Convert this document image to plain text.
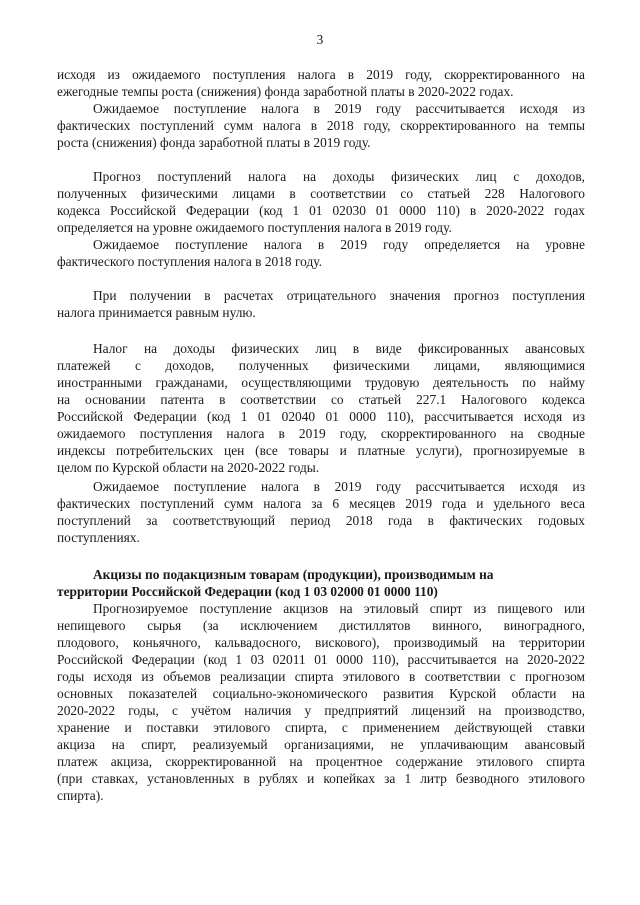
3
исходя из ожидаемого поступления налога в 2019 году, скорректированного на
ежегодные темпы роста (снижения) фонда заработной платы в 2020-2022 годах.
Ожидаемое поступление налога в 2019 году рассчитывается исходя из
фактических поступлений сумм налога в 2018 году, скорректированного на темпы
роста (снижения) фонда заработной платы в 2019 году.
Прогноз поступлений налога на доходы физических лиц с доходов,
полученных физическими лицами в соответствии со статьей 228 Налогового
кодекса Российской Федерации (код 1 01 02030 01 0000 110) в 2020-2022 годах
определяется на уровне ожидаемого поступления налога в 2019 году.
Ожидаемое поступление налога в 2019 году определяется на уровне
фактического поступления налога в 2018 году.
При получении в расчетах отрицательного значения прогноз поступления
налога принимается равным нулю.
Налог на доходы физических лиц в виде фиксированных авансовых
платежей с доходов, полученных физическими лицами, являющимися
иностранными гражданами, осуществляющими трудовую деятельность по найму
на основании патента в соответствии со статьей 227.1 Налогового кодекса
Российской Федерации (код 1 01 02040 01 0000 110), рассчитывается исходя из
ожидаемого поступления налога в 2019 году, скорректированного на сводные
индексы потребительских цен (все товары и платные услуги), прогнозируемые в
целом по Курской области на 2020-2022 годы.
Ожидаемое поступление налога в 2019 году рассчитывается исходя из
фактических поступлений сумм налога за 6 месяцев 2019 года и удельного веса
поступлений за соответствующий период 2018 года в фактических годовых
поступлениях.
Акцизы по подакцизным товарам (продукции), производимым на
территории Российской Федерации (код 1 03 02000 01 0000 110)
Прогнозируемое поступление акцизов на этиловый спирт из пищевого или
непищевого сырья (за исключением дистиллятов винного, виноградного,
плодового, коньячного, кальвадосного, вискового), производимый на территории
Российской Федерации (код 1 03 02011 01 0000 110), рассчитывается на 2020-2022
годы исходя из объемов реализации спирта этилового в соответствии с прогнозом
основных показателей социально-экономического развития Курской области на
2020-2022 годы, с учётом наличия у предприятий лицензий на производство,
хранение и поставки этилового спирта, с применением действующей ставки
акциза на спирт, реализуемый организациями, не уплачивающим авансовый
платеж акциза, скорректированной на процентное содержание этилового спирта
(при ставках, установленных в рублях и копейках за 1 литр безводного этилового
спирта).
